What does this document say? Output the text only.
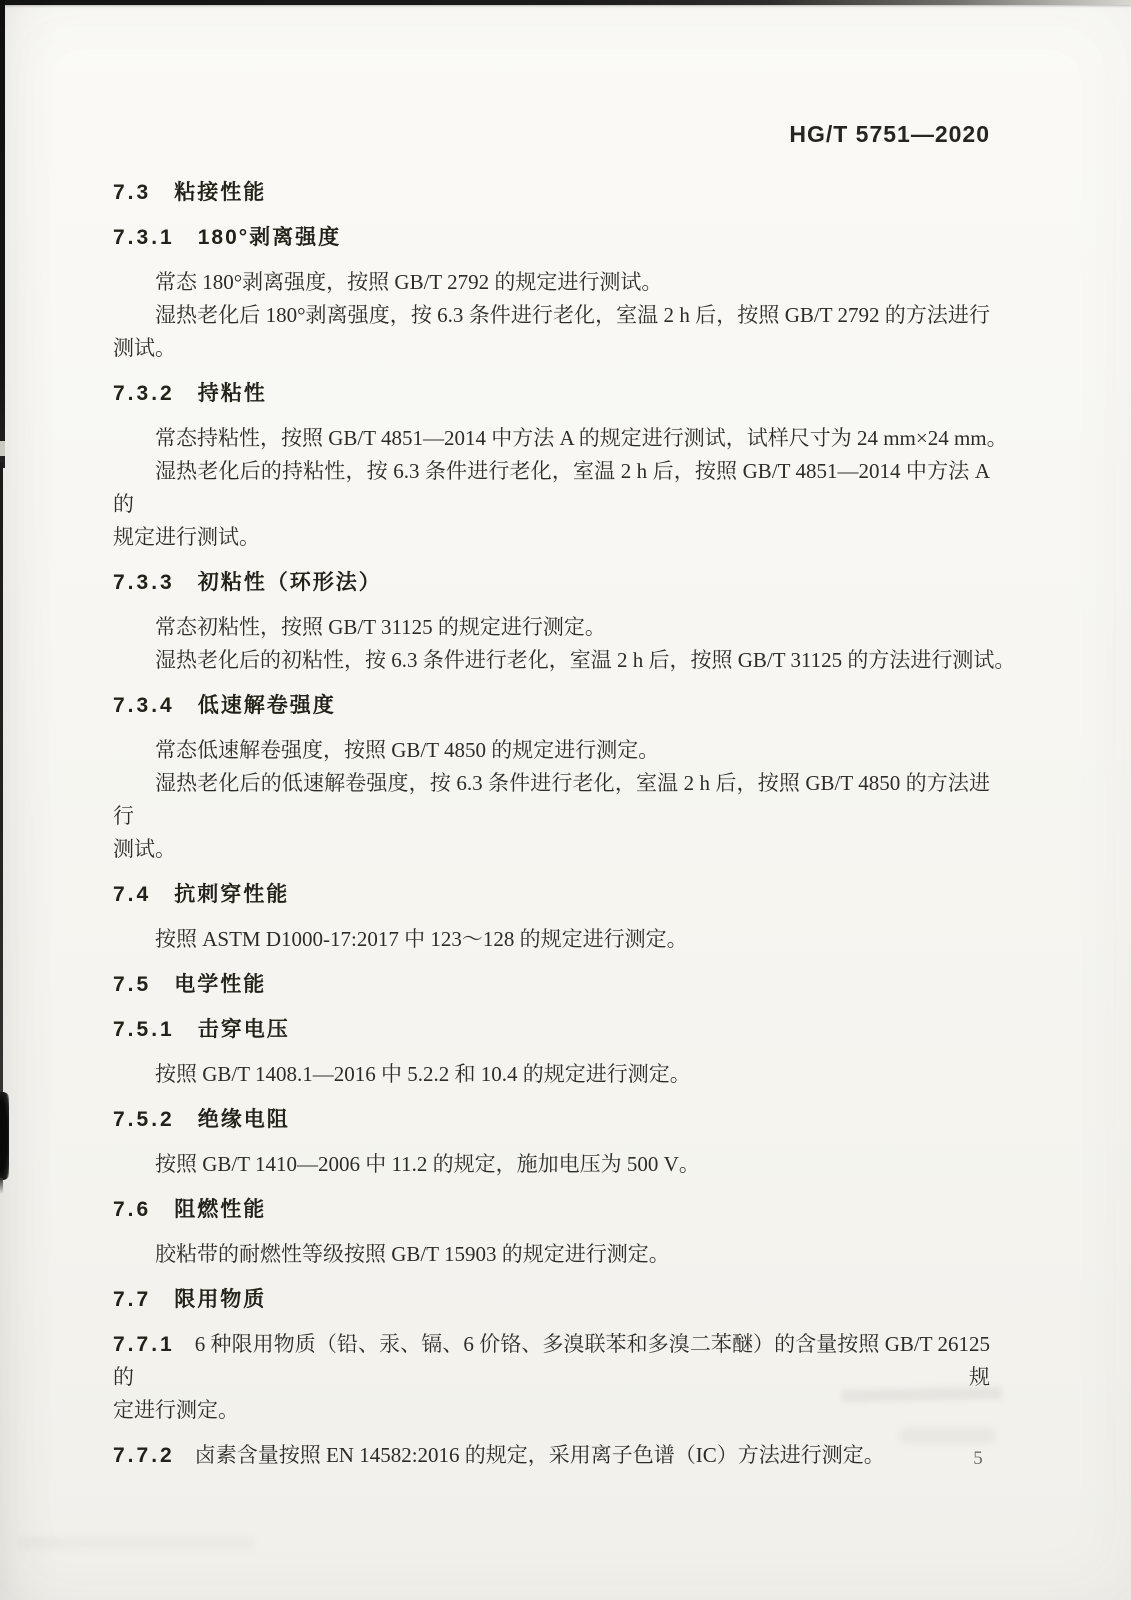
HG/T 5751—2020
7.3 粘接性能
7.3.1 180°剥离强度
常态 180°剥离强度，按照 GB/T 2792 的规定进行测试。
湿热老化后 180°剥离强度，按 6.3 条件进行老化，室温 2 h 后，按照 GB/T 2792 的方法进行
测试。
7.3.2 持粘性
常态持粘性，按照 GB/T 4851—2014 中方法 A 的规定进行测试，试样尺寸为 24 mm×24 mm。
湿热老化后的持粘性，按 6.3 条件进行老化，室温 2 h 后，按照 GB/T 4851—2014 中方法 A 的
规定进行测试。
7.3.3 初粘性（环形法）
常态初粘性，按照 GB/T 31125 的规定进行测定。
湿热老化后的初粘性，按 6.3 条件进行老化，室温 2 h 后，按照 GB/T 31125 的方法进行测试。
7.3.4 低速解卷强度
常态低速解卷强度，按照 GB/T 4850 的规定进行测定。
湿热老化后的低速解卷强度，按 6.3 条件进行老化，室温 2 h 后，按照 GB/T 4850 的方法进行
测试。
7.4 抗刺穿性能
按照 ASTM D1000-17:2017 中 123～128 的规定进行测定。
7.5 电学性能
7.5.1 击穿电压
按照 GB/T 1408.1—2016 中 5.2.2 和 10.4 的规定进行测定。
7.5.2 绝缘电阻
按照 GB/T 1410—2006 中 11.2 的规定，施加电压为 500 V。
7.6 阻燃性能
胶粘带的耐燃性等级按照 GB/T 15903 的规定进行测定。
7.7 限用物质
7.7.1 6 种限用物质（铅、汞、镉、6 价铬、多溴联苯和多溴二苯醚）的含量按照 GB/T 26125 的规
定进行测定。
7.7.2 卤素含量按照 EN 14582:2016 的规定，采用离子色谱（IC）方法进行测定。	5
